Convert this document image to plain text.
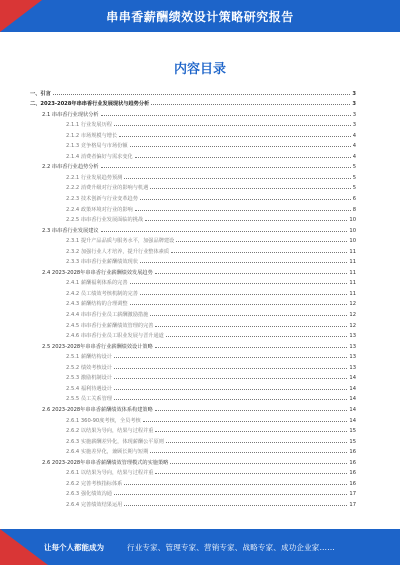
串串香薪酬绩效设计策略研究报告
内容目录
一、引言	3
二、2023-2028年串串香行业发展现状与趋势分析	3
2.1 串串香行业现状分析	3
2.1.1 行业发展历程	3
2.1.2 市场规模与增长	4
2.1.3 竞争格局与市场份额	4
2.1.4 消费者偏好与需求变化	4
2.2 串串香行业趋势分析	5
2.2.1 行业发展趋势预测	5
2.2.2 消费升级对行业的影响与机遇	5
2.2.3 技术创新与行业变革趋势	6
2.2.4 政策环境对行业的影响	8
2.2.5 串串香行业发展面临的挑战	10
2.3 串串香行业发展建议	10
2.3.1 提升产品品质与服务水平，加强品牌建设	10
2.3.2 加强行业人才培养，提升行业整体素质	11
2.3.3 串串香行业薪酬绩效现状	11
2.4 2023-2028年串串香行业薪酬绩效发展趋势	11
2.4.1 薪酬福利体系的完善	11
2.4.2 员工绩效考核机制的完善	11
2.4.3 薪酬结构的合理调整	12
2.4.4 串串香行业员工薪酬激励措施	12
2.4.5 串串香行业薪酬绩效管理的完善	12
2.4.6 串串香行业员工职业发展与晋升通道	13
2.5 2023-2028年串串香行业薪酬绩效设计策略	13
2.5.1 薪酬结构设计	13
2.5.2 绩效考核设计	13
2.5.3 激励机制设计	14
2.5.4 福利待遇设计	14
2.5.5 员工关系管理	14
2.6 2023-2028年串串香薪酬绩效体系构建策略	14
2.6.1 360-90度考核，全员考核	14
2.6.2 以结果为导向，结果与过程并重	15
2.6.3 实施薪酬差异化，体现薪酬公平原则	15
2.6.4 实施差异化，兼顾长期与短期	16
2.6 2023-2028年串串香薪酬绩效管理模式的实施策略	16
2.6.1 以结果为导向，结果与过程并重	16
2.6.2 完善考核指标体系	16
2.6.3 强化绩效沟通	17
2.6.4 完善绩效结果运用	17
让每个人都能成为	行业专家、管理专家、营销专家、战略专家、成功企业家……
